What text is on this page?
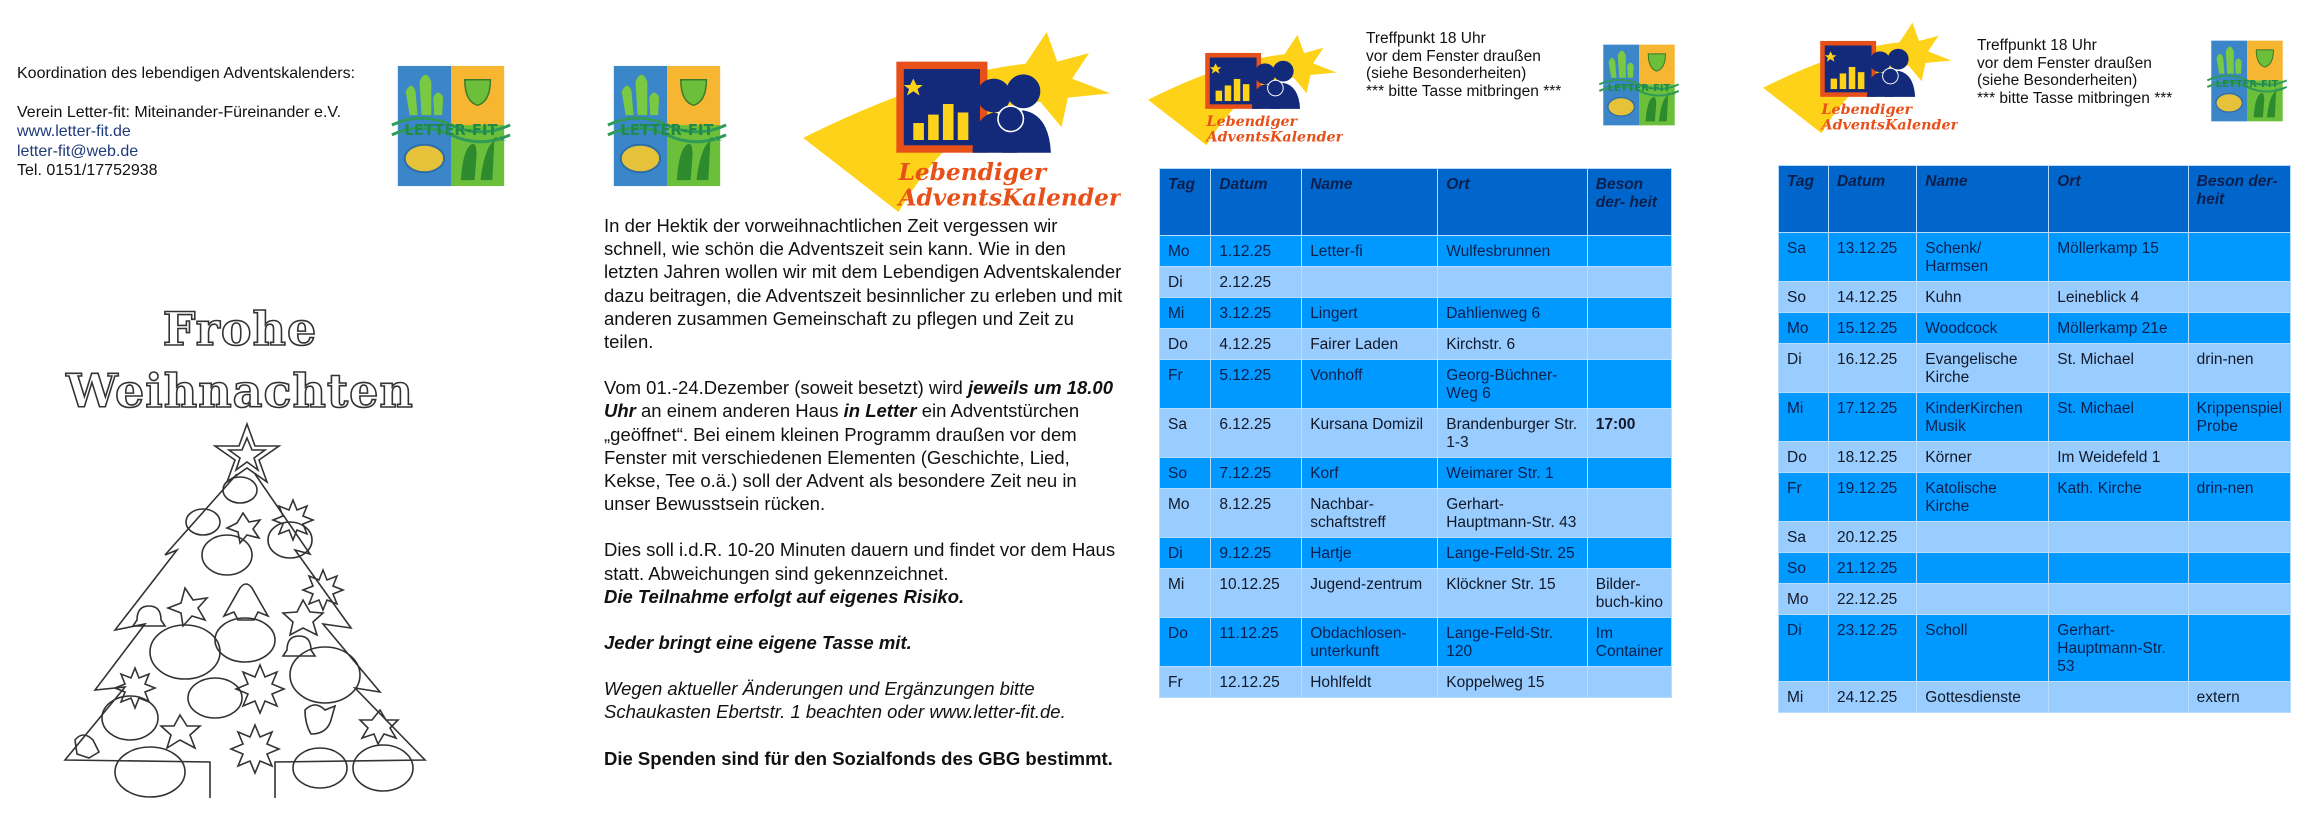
Koordination des lebendigen Adventskalenders:
Verein Letter-fit: Miteinander-Füreinander e.V.
www.letter-fit.de
letter-fit@web.de
Tel. 0151/17752938
Frohe
Weihnachten

In der Hektik der vorweihnachtlichen Zeit vergessen wir schnell, wie schön die Adventszeit sein kann. Wie in den letzten Jahren wollen wir mit dem Lebendigen Adventskalender dazu beitragen, die Adventszeit besinnlicher zu erleben und mit anderen zusammen Gemeinschaft zu pflegen und Zeit zu teilen.

Vom 01.-24.Dezember (soweit besetzt) wird jeweils um 18.00 Uhr an einem anderen Haus in Letter ein Adventstürchen „geöffnet“. Bei einem kleinen Programm draußen vor dem Fenster mit verschiedenen Elementen (Geschichte, Lied, Kekse, Tee o.ä.) soll der Advent als besondere Zeit neu in unser Bewusstsein rücken.

Dies soll i.d.R. 10-20 Minuten dauern und findet vor dem Haus statt. Abweichungen sind gekennzeichnet.
Die Teilnahme erfolgt auf eigenes Risiko.

Jeder bringt eine eigene Tasse mit.

Wegen aktueller Änderungen und Ergänzungen bitte Schaukasten Ebertstr. 1 beachten oder www.letter-fit.de.

Die Spenden sind für den Sozialfonds des GBG bestimmt.

Treffpunkt 18 Uhr
vor dem Fenster draußen
(siehe Besonderheiten)
*** bitte Tasse mitbringen ***
Tag	Datum	Name	Ort	Beson der- heit
Mo	1.12.25	Letter-fi	Wulfesbrunnen	
Di	2.12.25			
Mi	3.12.25	Lingert	Dahlienweg 6	
Do	4.12.25	Fairer Laden	Kirchstr. 6	
Fr	5.12.25	Vonhoff	Georg-Büchner-Weg 6	
Sa	6.12.25	Kursana Domizil	Brandenburger Str. 1-3	17:00
So	7.12.25	Korf	Weimarer Str. 1	
Mo	8.12.25	Nachbar-schaftstreff	Gerhart-Hauptmann-Str. 43	
Di	9.12.25	Hartje	Lange-Feld-Str. 25	
Mi	10.12.25	Jugend-zentrum	Klöckner Str. 15	Bilder-buch-kino
Do	11.12.25	Obdachlosen-unterkunft	Lange-Feld-Str. 120	Im Container
Fr	12.12.25	Hohlfeldt	Koppelweg 15	
Treffpunkt 18 Uhr
vor dem Fenster draußen
(siehe Besonderheiten)
*** bitte Tasse mitbringen ***
Tag	Datum	Name	Ort	Beson der- heit
Sa	13.12.25	Schenk/ Harmsen	Möllerkamp 15	
So	14.12.25	Kuhn	Leineblick 4	
Mo	15.12.25	Woodcock	Möllerkamp 21e	
Di	16.12.25	Evangelische Kirche	St. Michael	drin-nen
Mi	17.12.25	KinderKirchen Musik	St. Michael	Krippenspiel Probe
Do	18.12.25	Körner	Im Weidefeld 1	
Fr	19.12.25	Katolische Kirche	Kath. Kirche	drin-nen
Sa	20.12.25			
So	21.12.25			
Mo	22.12.25			
Di	23.12.25	Scholl	Gerhart-Hauptmann-Str. 53	
Mi	24.12.25	Gottesdienste		extern
